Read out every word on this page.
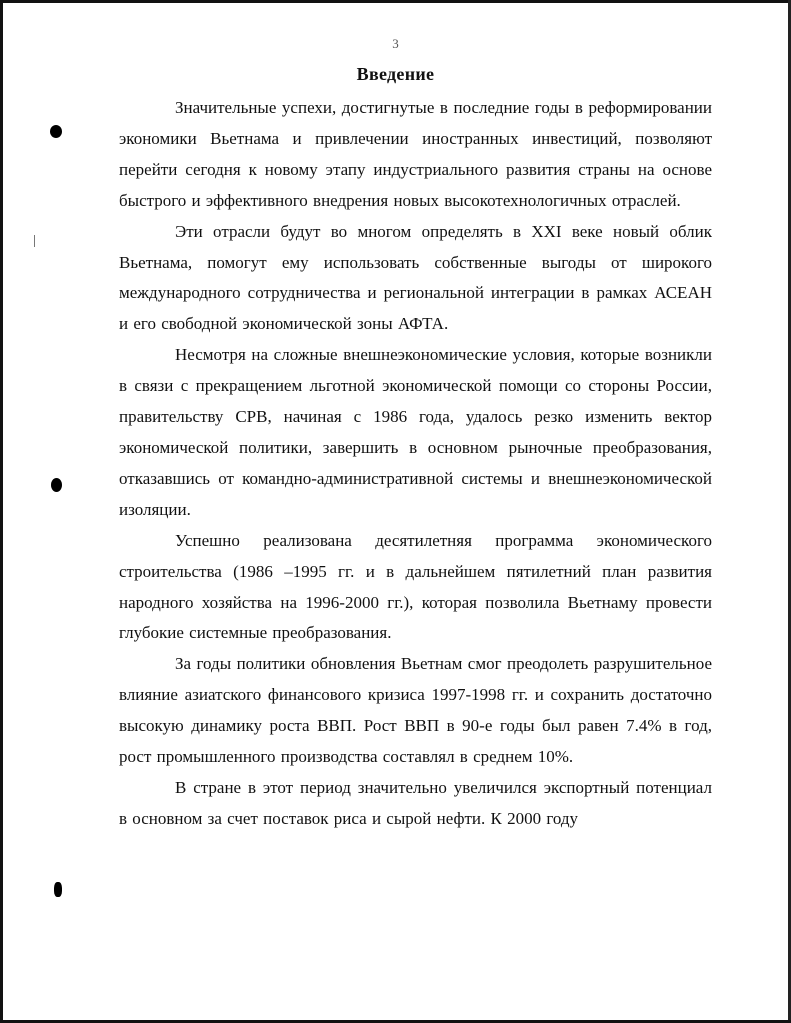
3
Введение

Значительные успехи, достигнутые в последние годы в реформировании экономики Вьетнама и привлечении иностранных инвестиций, позволяют перейти сегодня к новому этапу индустриального развития страны на основе быстрого и эффективного внедрения новых высокотехнологичных отраслей.

Эти отрасли будут во многом определять в XXI веке новый облик Вьетнама, помогут ему использовать собственные выгоды от широкого международного сотрудничества и региональной интеграции в рамках АСЕАН и его свободной экономической зоны АФТА.

Несмотря на сложные внешнеэкономические условия, которые возникли в связи с прекращением льготной экономической помощи со стороны России, правительству СРВ, начиная с 1986 года, удалось резко изменить вектор экономической политики, завершить в основном рыночные преобразования, отказавшись от командно-административной системы и внешнеэкономической изоляции.

Успешно реализована десятилетняя программа экономического строительства (1986 –1995 гг. и в дальнейшем пятилетний план развития народного хозяйства на 1996-2000 гг.), которая позволила Вьетнаму провести глубокие системные преобразования.

За годы политики обновления Вьетнам смог преодолеть разрушительное влияние азиатского финансового кризиса 1997-1998 гг. и сохранить достаточно высокую динамику роста ВВП. Рост ВВП в 90-е годы был равен 7.4% в год, рост промышленного производства составлял в среднем 10%.

В стране в этот период значительно увеличился экспортный потенциал в основном за счет поставок риса и сырой нефти. К 2000 году
